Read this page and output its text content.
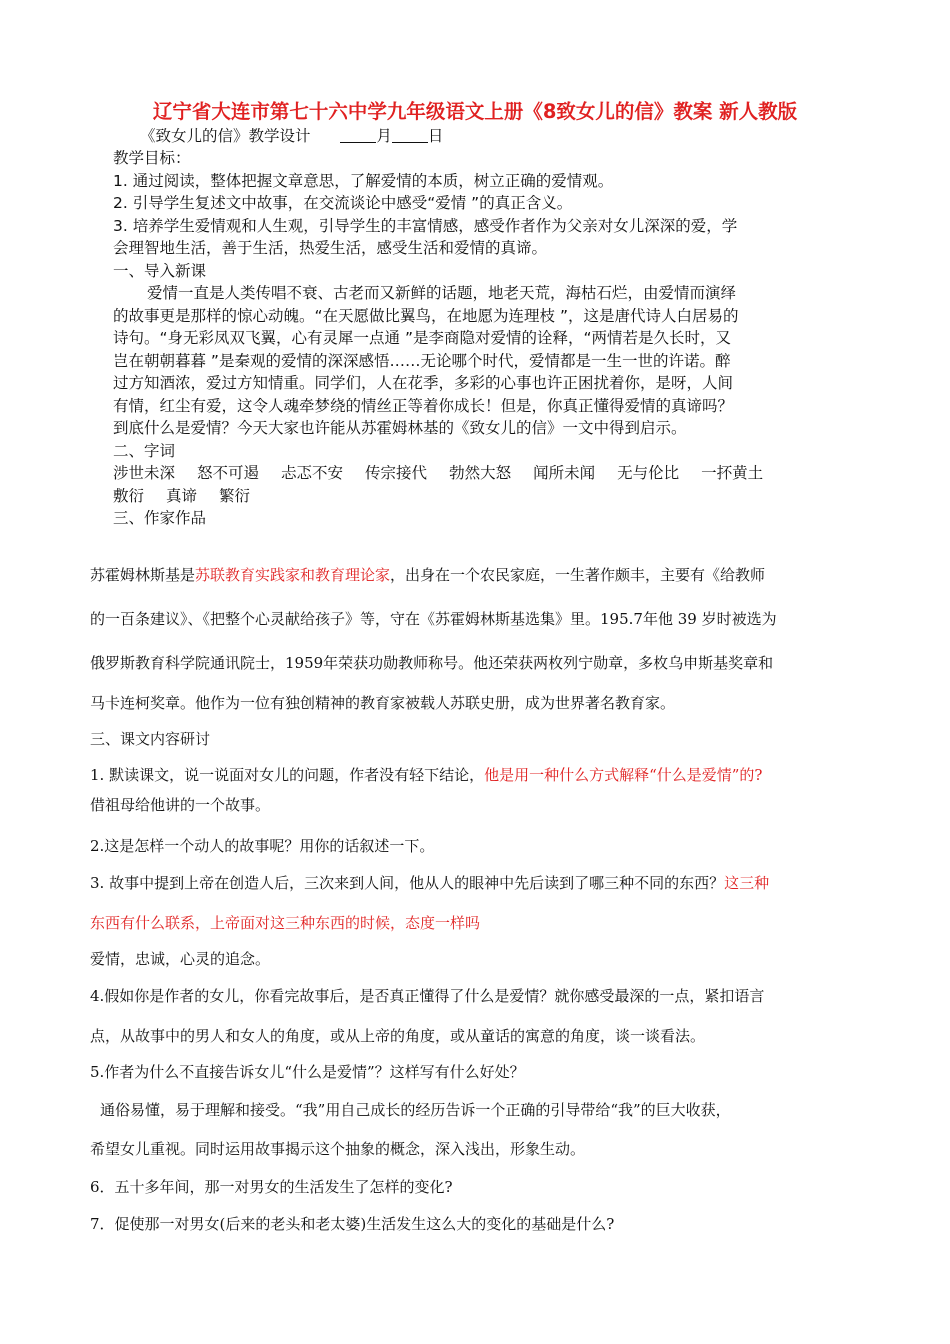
辽宁省大连市第七十六中学九年级语文上册《8致女儿的信》教案 新人教版
《致女儿的信》教学设计	月 日

教学目标：

1. 通过阅读，整体把握文章意思，了解爱情的本质，树立正确的爱情观。

2. 引导学生复述文中故事，在交流谈论中感受“爱情 ”的真正含义。

3. 培养学生爱情观和人生观，引导学生的丰富情感，感受作者作为父亲对女儿深深的爱，学

会理智地生活，善于生活，热爱生活，感受生活和爱情的真谛。

一、导入新课

爱情一直是人类传唱不衰、古老而又新鲜的话题，地老天荒，海枯石烂，由爱情而演绎

的故事更是那样的惊心动魄。“在天愿做比翼鸟，在地愿为连理枝 ”，这是唐代诗人白居易的

诗句。“身无彩凤双飞翼，心有灵犀一点通 ”是李商隐对爱情的诠释，“两情若是久长时，又

岂在朝朝暮暮 ”是秦观的爱情的深深感悟……无论哪个时代，爱情都是一生一世的许诺。醉

过方知酒浓，爱过方知情重。同学们，人在花季，多彩的心事也许正困扰着你，是呀，人间

有情，红尘有爱，这令人魂牵梦绕的情丝正等着你成长！但是，你真正懂得爱情的真谛吗？

到底什么是爱情？今天大家也许能从苏霍姆林基的《致女儿的信》一文中得到启示。

二、字词

涉世未深 怒不可遏 忐忑不安 传宗接代 勃然大怒 闻所未闻 无与伦比 一抔黄土

敷衍 真谛 繁衍

三、作家作品

苏霍姆林斯基是苏联教育实践家和教育理论家，出身在一个农民家庭，一生著作颇丰，主要有《给教师

的一百条建议》、《把整个心灵献给孩子》等，守在《苏霍姆林斯基选集》里。195.7年他 39 岁时被选为

俄罗斯教育科学院通讯院士，1959年荣获功勋教师称号。他还荣获两枚列宁勋章，多枚乌申斯基奖章和

马卡连柯奖章。他作为一位有独创精神的教育家被载人苏联史册，成为世界著名教育家。

三、课文内容研讨

1. 默读课文，说一说面对女儿的问题，作者没有轻下结论，他是用一种什么方式解释“什么是爱情”的?

借祖母给他讲的一个故事。

2.这是怎样一个动人的故事呢？用你的话叙述一下。

3. 故事中提到上帝在创造人后，三次来到人间，他从人的眼神中先后读到了哪三种不同的东西？这三种

东西有什么联系，上帝面对这三种东西的时候，态度一样吗

爱情，忠诚，心灵的追念。

4.假如你是作者的女儿，你看完故事后，是否真正懂得了什么是爱情？就你感受最深的一点，紧扣语言

点，从故事中的男人和女人的角度，或从上帝的角度，或从童话的寓意的角度，谈一谈看法。

5.作者为什么不直接告诉女儿“什么是爱情”？这样写有什么好处？

通俗易懂，易于理解和接受。“我”用自己成长的经历告诉一个正确的引导带给“我”的巨大收获，

希望女儿重视。同时运用故事揭示这个抽象的概念，深入浅出，形象生动。

6．五十多年间，那一对男女的生活发生了怎样的变化?

7．促使那一对男女(后来的老头和老太婆)生活发生这么大的变化的基础是什么?
